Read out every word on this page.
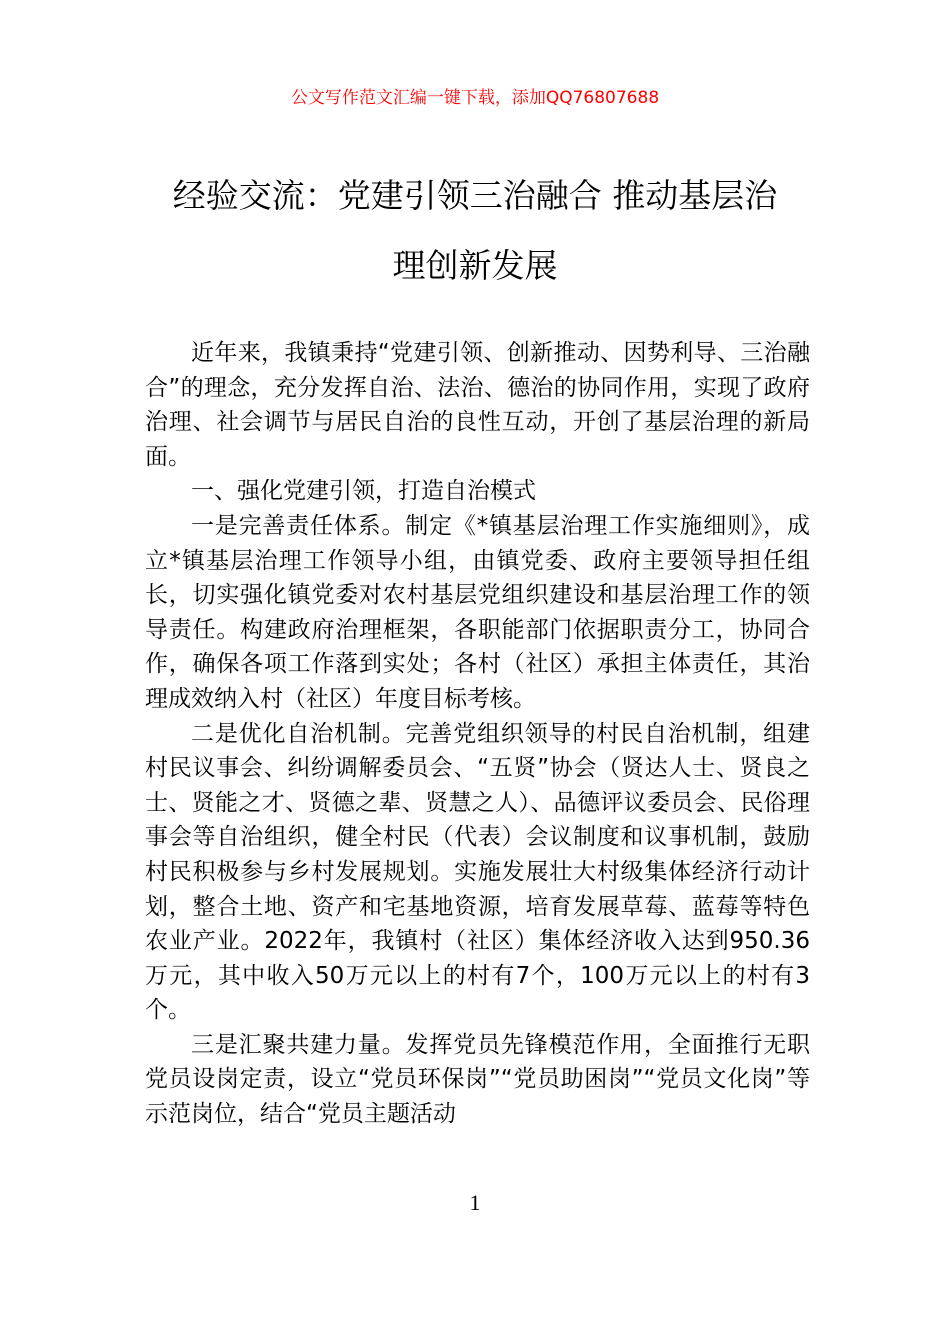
公文写作范文汇编一键下载，添加QQ76807688
经验交流：党建引领三治融合 推动基层治
理创新发展

近年来，我镇秉持“党建引领、创新推动、因势利导、三治融合”的理念，充分发挥自治、法治、德治的协同作用，实现了政府治理、社会调节与居民自治的良性互动，开创了基层治理的新局面。

一、强化党建引领，打造自治模式

一是完善责任体系。制定《*镇基层治理工作实施细则》，成立*镇基层治理工作领导小组，由镇党委、政府主要领导担任组长，切实强化镇党委对农村基层党组织建设和基层治理工作的领导责任。构建政府治理框架，各职能部门依据职责分工，协同合作，确保各项工作落到实处；各村（社区）承担主体责任，其治理成效纳入村（社区）年度目标考核。

二是优化自治机制。完善党组织领导的村民自治机制，组建村民议事会、纠纷调解委员会、“五贤”协会（贤达人士、贤良之士、贤能之才、贤德之辈、贤慧之人）、品德评议委员会、民俗理事会等自治组织，健全村民（代表）会议制度和议事机制，鼓励村民积极参与乡村发展规划。实施发展壮大村级集体经济行动计划，整合土地、资产和宅基地资源，培育发展草莓、蓝莓等特色农业产业。2022年，我镇村（社区）集体经济收入达到950.36万元，其中收入50万元以上的村有7个，100万元以上的村有3个。

三是汇聚共建力量。发挥党员先锋模范作用，全面推行无职党员设岗定责，设立“党员环保岗”“党员助困岗”“党员文化岗”等示范岗位，结合“党员主题活动

1
